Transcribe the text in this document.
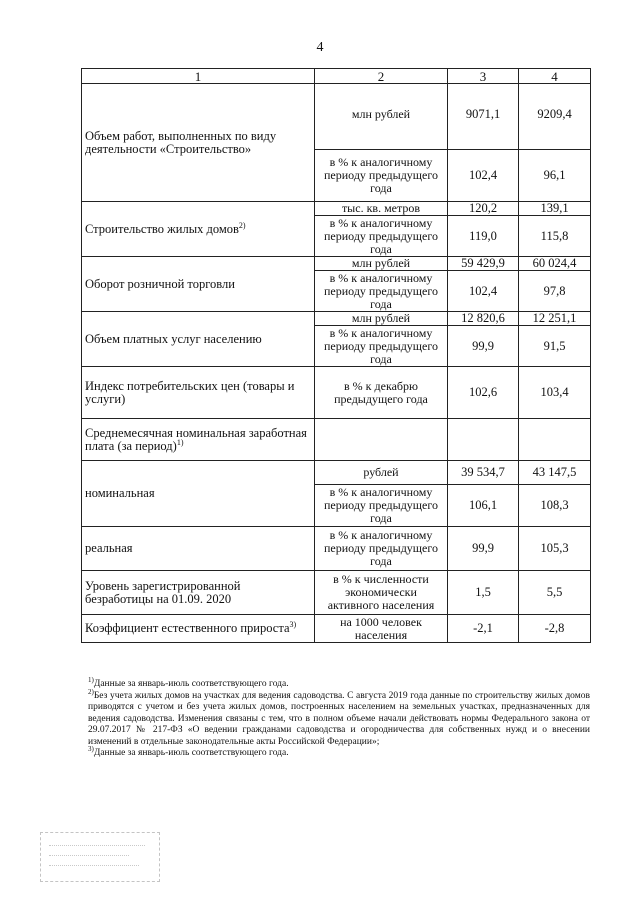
4
1	2	3	4
Объем работ, выполненных по виду деятельности «Строительство»	млн рублей	9071,1	9209,4
	в % к аналогичному периоду предыдущего года	102,4	96,1
Строительство жилых домов$^{2)}$	тыс. кв. метров	120,2	139,1
	в % к аналогичному периоду предыдущего года	119,0	115,8
Оборот розничной торговли	млн рублей	59 429,9	60 024,4
	в % к аналогичному периоду предыдущего года	102,4	97,8
Объем платных услуг населению	млн рублей	12 820,6	12 251,1
	в % к аналогичному периоду предыдущего года	99,9	91,5
Индекс потребительских цен (товары и услуги)	в % к декабрю предыдущего года	102,6	103,4
Среднемесячная номинальная заработная плата (за период)$^{1)}$			
номинальная	рублей	39 534,7	43 147,5
	в % к аналогичному периоду предыдущего года	106,1	108,3
реальная	в % к аналогичному периоду предыдущего года	99,9	105,3
Уровень зарегистрированной безработицы на 01.09. 2020	в % к численности экономически активного населения	1,5	5,5
Коэффициент естественного прироста$^{3)}$	на 1000 человек населения	-2,1	-2,8

$^{1)}$Данные за январь-июль соответствующего года.

$^{2)}$Без учета жилых домов на участках для ведения садоводства. С августа 2019 года данные по строительству жилых домов приводятся с учетом и без учета жилых домов, построенных населением на земельных участках, предназначенных для ведения садоводства. Изменения связаны с тем, что в полном объеме начали действовать нормы Федерального закона от 29.07.2017 № 217-ФЗ «О ведении гражданами садоводства и огородничества для собственных нужд и о внесении изменений в отдельные законодательные акты Российской Федерации»;

$^{3)}$Данные за январь-июль соответствующего года.
